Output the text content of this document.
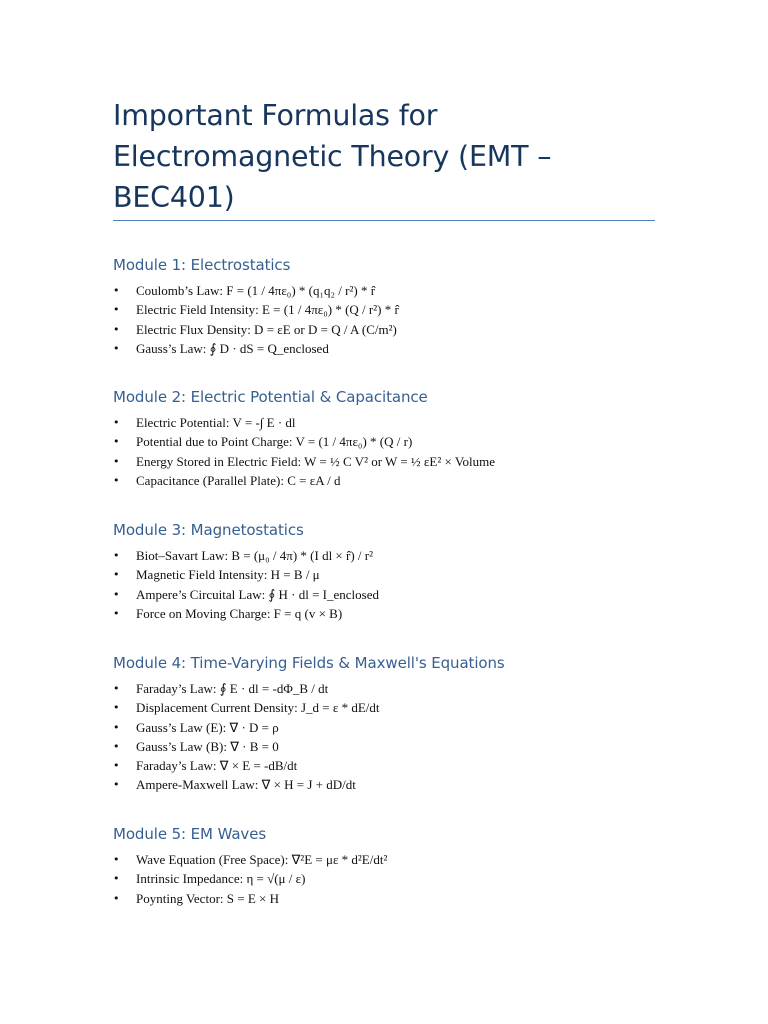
Important Formulas for Electromagnetic Theory (EMT – BEC401)
Module 1: Electrostatics
• Coulomb’s Law: F = (1 / 4πε₀) * (q₁q₂ / r²) * r̂
• Electric Field Intensity: E = (1 / 4πε₀) * (Q / r²) * r̂
• Electric Flux Density: D = εE or D = Q / A (C/m²)
• Gauss’s Law: ∮ D · dS = Q_enclosed
Module 2: Electric Potential & Capacitance
• Electric Potential: V = -∫ E · dl
• Potential due to Point Charge: V = (1 / 4πε₀) * (Q / r)
• Energy Stored in Electric Field: W = ½ C V² or W = ½ εE² × Volume
• Capacitance (Parallel Plate): C = εA / d
Module 3: Magnetostatics
• Biot–Savart Law: B = (μ₀ / 4π) * (I dl × r̂) / r²
• Magnetic Field Intensity: H = B / μ
• Ampere’s Circuital Law: ∮ H · dl = I_enclosed
• Force on Moving Charge: F = q (v × B)
Module 4: Time-Varying Fields & Maxwell's Equations
• Faraday’s Law: ∮ E · dl = -dΦ_B / dt
• Displacement Current Density: J_d = ε * dE/dt
• Gauss’s Law (E): ∇ · D = ρ
• Gauss’s Law (B): ∇ · B = 0
• Faraday’s Law: ∇ × E = -dB/dt
• Ampere-Maxwell Law: ∇ × H = J + dD/dt
Module 5: EM Waves
• Wave Equation (Free Space): ∇²E = με * d²E/dt²
• Intrinsic Impedance: η = √(μ / ε)
• Poynting Vector: S = E × H
